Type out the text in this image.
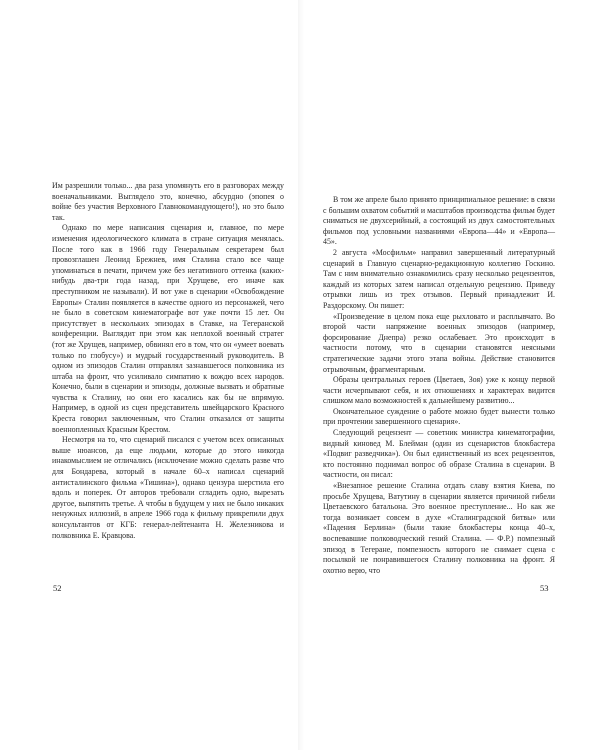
Им разрешили только... два раза упомянуть его в разговорах между военачальниками. Выглядело это, конечно, абсурдно (эпопея о войне без участия Верховного Главнокомандующего!), но это было так.

Однако по мере написания сценария и, главное, по мере изменения идеологического климата в стране ситуация менялась. После того как в 1966 году Генеральным секретарем был провозглашен Леонид Брежнев, имя Сталина стало все чаще упоминаться в печати, причем уже без негативного оттенка (каких-нибудь два-три года назад, при Хрущеве, его иначе как преступником не называли). И вот уже в сценарии «Освобождение Европы» Сталин появляется в качестве одного из персонажей, чего не было в советском кинематографе вот уже почти 15 лет. Он присутствует в нескольких эпизодах в Ставке, на Тегеранской конференции. Выглядит при этом как неплохой военный стратег (тот же Хрущев, например, обвинял его в том, что он «умеет воевать только по глобусу») и мудрый государственный руководитель. В одном из эпизодов Сталин отправлял зазнавшегося полковника из штаба на фронт, что усиливало симпатию к вождю всех народов. Конечно, были в сценарии и эпизоды, должные вызвать и обратные чувства к Сталину, но они его касались как бы не впрямую. Например, в одной из сцен представитель швейцарского Красного Креста говорил заключенным, что Сталин отказался от защиты военнопленных Красным Крестом.

Несмотря на то, что сценарий писался с учетом всех описанных выше нюансов, да еще людьми, которые до этого никогда инакомыслием не отличались (исключение можно сделать разве что для Бондарева, который в начале 60–х написал сценарий антисталинского фильма «Тишина»), однако цензура шерстила его вдоль и поперек. От авторов требовали сгладить одно, вырезать другое, выпятить третье. А чтобы в будущем у них не было никаких ненужных иллюзий, в апреле 1966 года к фильму прикрепили двух консультантов от КГБ: генерал-лейтенанта Н. Железникова и полковника Е. Кравцова.

В том же апреле было принято принципиальное решение: в связи с большим охватом событий и масштабов производства фильм будет сниматься не двухсерийный, а состоящий из двух самостоятельных фильмов под условными названиями «Европа—44» и «Европа—45».

2 августа «Мосфильм» направил завершенный литературный сценарий в Главную сценарно-редакционную коллегию Госкино. Там с ним внимательно ознакомились сразу несколько рецензентов, каждый из которых затем написал отдельную рецензию. Приведу отрывки лишь из трех отзывов. Первый принадлежит И. Раздорскому. Он пишет:

«Произведение в целом пока еще рыхловато и расплывчато. Во второй части напряжение военных эпизодов (например, форсирование Днепра) резко ослабевает. Это происходит в частности потому, что в сценарии становятся неясными стратегические задачи этого этапа войны. Действие становится отрывочным, фрагментарным.

Образы центральных героев (Цветаев, Зоя) уже к концу первой части исчерпывают себя, и их отношениях и характерах видится слишком мало возможностей к дальнейшему развитию...

Окончательное суждение о работе можно будет вынести только при прочтении завершенного сценария».

Следующий рецензент — советник министра кинематографии, видный киновед М. Блейман (один из сценаристов блокбастера «Подвиг разведчика»). Он был единственный из всех рецензентов, кто постоянно поднимал вопрос об образе Сталина в сценарии. В частности, он писал:

«Внезапное решение Сталина отдать славу взятия Киева, по просьбе Хрущева, Ватутину в сценарии является причиной гибели Цветаевского батальона. Это военное преступление... Но как же тогда возникает совсем в духе «Сталинградской битвы» или «Падения Берлина» (были такие блокбастеры конца 40–х, воспевавшие полководческий гений Сталина. — Ф.Р.) помпезный эпизод в Тегеране, помпезность которого не снимает сцена с посылкой не понравившегося Сталину полковника на фронт. Я охотно верю, что

52	53
